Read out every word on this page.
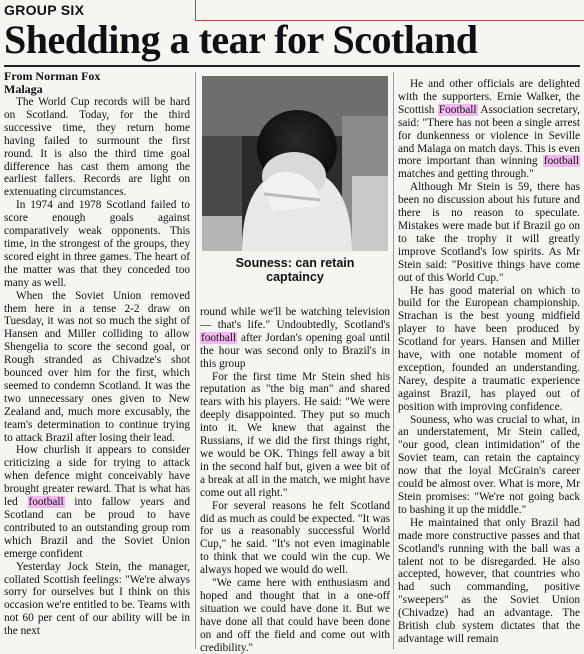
GROUP SIX
Shedding a tear for Scotland

From Norman Fox
Malaga

The World Cup records will be hard on Scotland. Today, for the third successive time, they return home having failed to surmount the first round. It is also the third time goal difference has cast them among the earliest fallers. Records are light on extenuating circumstances.

In 1974 and 1978 Scotland failed to score enough goals against comparatively weak opponents. This time, in the strongest of the groups, they scored eight in three games. The heart of the matter was that they conceded too many as well.

When the Soviet Union removed them here in a tense 2-2 draw on Tuesday, it was not so much the sight of Hansen and Miller colliding to allow Shengelia to score the second goal, or Rough stranded as Chivadze's shot bounced over him for the first, which seemed to condemn Scotland. It was the two unnecessary ones given to New Zealand and, much more excusably, the team's determination to continue trying to attack Brazil after losing their lead.

How churlish it appears to consider criticizing a side for trying to attack when defence might conceivably have brought greater reward. That is what has led football into fallow years and Scotland can be proud to have contributed to an outstanding group rom which Brazil and the Soviet Union emerge confident

Yesterday Jock Stein, the manager, collated Scottish feelings: "We're always sorry for ourselves but I think on this occasion we're entitled to be. Teams with not 60 per cent of our ability will be in the next

Souness: can retain
captaincy

round while we'll be watching television — that's life." Undoubtedly, Scotland's football after Jordan's opening goal until the hour was second only to Brazil's in this group

For the first time Mr Stein shed his reputation as "the big man" and shared tears with his players. He said: "We were deeply disappointed. They put so much into it. We knew that against the Russians, if we did the first things right, we would be OK. Things fell away a bit in the second half but, given a wee bit of a break at all in the match, we might have come out all right."

For several reasons he felt Scotland did as much as could be expected. "It was for us a reasonably successful World Cup," he said. "It's not even imaginable to think that we could win the cup. We always hoped we would do well.

"We came here with enthusiasm and hoped and thought that in a one-off situation we could have done it. But we have done all that could have been done on and off the field and come out with credibility."

He and other officials are delighted with the supporters. Ernie Walker, the Scottish Football Association secretary, said: "There has not been a single arrest for dunkenness or violence in Seville and Malaga on match days. This is even more important than winning football matches and getting through."

Although Mr Stein is 59, there has been no discussion about his future and there is no reason to speculate. Mistakes were made but if Brazil go on to take the trophy it will greatly improve Scotland's low spirits. As Mr Stein said: "Positive things have come out of this World Cup."

He has good material on which to build for the European championship. Strachan is the best young midfield player to have been produced by Scotland for years. Hansen and Miller have, with one notable moment of exception, founded an understanding. Narey, despite a traumatic experience against Brazil, has played out of position with improving confidence.

Souness, who was crucial to what, in an understatement, Mr Stein called, "our good, clean intimidation" of the Soviet team, can retain the captaincy now that the loyal McGrain's career could be almost over. What is more, Mr Stein promises: "We're not going back to bashing it up the middle."

He maintained that only Brazil had made more constructive passes and that Scotland's running with the ball was a talent not to be disregarded. He also accepted, however, that countries who had such commanding, positive "sweepers" as the Soviet Union (Chivadze) had an advantage. The British club system dictates that the advantage will remain
